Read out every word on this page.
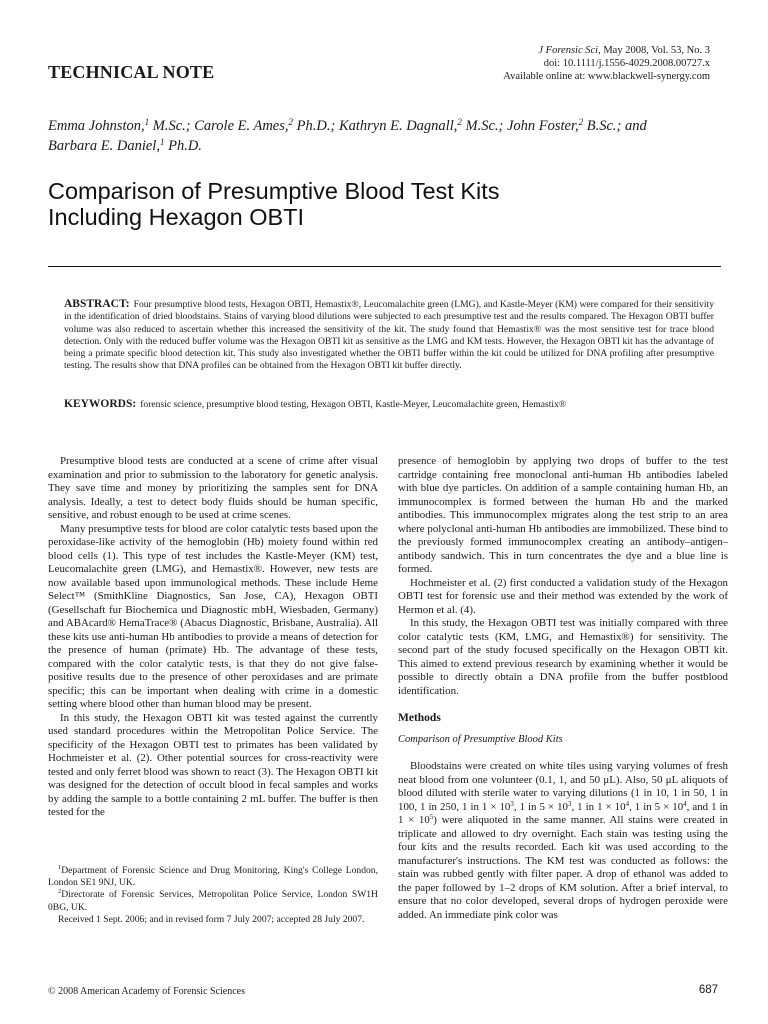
J Forensic Sci, May 2008, Vol. 53, No. 3
doi: 10.1111/j.1556-4029.2008.00727.x
Available online at: www.blackwell-synergy.com
TECHNICAL NOTE
Emma Johnston,$^1$ M.Sc.; Carole E. Ames,$^2$ Ph.D.; Kathryn E. Dagnall,$^2$ M.Sc.; John Foster,$^2$ B.Sc.; and
Barbara E. Daniel,$^1$ Ph.D.
Comparison of Presumptive Blood Test Kits
Including Hexagon OBTI
ABSTRACT: Four presumptive blood tests, Hexagon OBTI, Hemastix®, Leucomalachite green (LMG), and Kastle-Meyer (KM) were compared for their sensitivity in the identification of dried bloodstains. Stains of varying blood dilutions were subjected to each presumptive test and the results compared. The Hexagon OBTI buffer volume was also reduced to ascertain whether this increased the sensitivity of the kit. The study found that Hemastix® was the most sensitive test for trace blood detection. Only with the reduced buffer volume was the Hexagon OBTI kit as sensitive as the LMG and KM tests. However, the Hexagon OBTI kit has the advantage of being a primate specific blood detection kit. This study also investigated whether the OBTI buffer within the kit could be utilized for DNA profiling after presumptive testing. The results show that DNA profiles can be obtained from the Hexagon OBTI kit buffer directly.
KEYWORDS: forensic science, presumptive blood testing, Hexagon OBTI, Kastle-Meyer, Leucomalachite green, Hemastix®

Presumptive blood tests are conducted at a scene of crime after visual examination and prior to submission to the laboratory for genetic analysis. They save time and money by prioritizing the samples sent for DNA analysis. Ideally, a test to detect body fluids should be human specific, sensitive, and robust enough to be used at crime scenes.

Many presumptive tests for blood are color catalytic tests based upon the peroxidase-like activity of the hemoglobin (Hb) moiety found within red blood cells (1). This type of test includes the Kastle-Meyer (KM) test, Leucomalachite green (LMG), and Hemastix®. However, new tests are now available based upon immunological methods. These include Heme Select™ (SmithKline Diagnostics, San Jose, CA), Hexagon OBTI (Gesellschaft fur Biochemica und Diagnostic mbH, Wiesbaden, Germany) and ABAcard® HemaTrace® (Abacus Diagnostic, Brisbane, Australia). All these kits use anti-human Hb antibodies to provide a means of detection for the presence of human (primate) Hb. The advantage of these tests, compared with the color catalytic tests, is that they do not give false-positive results due to the presence of other peroxidases and are primate specific; this can be important when dealing with crime in a domestic setting where blood other than human blood may be present.

In this study, the Hexagon OBTI kit was tested against the currently used standard procedures within the Metropolitan Police Service. The specificity of the Hexagon OBTI test to primates has been validated by Hochmeister et al. (2). Other potential sources for cross-reactivity were tested and only ferret blood was shown to react (3). The Hexagon OBTI kit was designed for the detection of occult blood in fecal samples and works by adding the sample to a bottle containing 2 mL buffer. The buffer is then tested for the

$^1$Department of Forensic Science and Drug Monitoring, King's College London, London SE1 9NJ, UK.

$^2$Directorate of Forensic Services, Metropolitan Police Service, London SW1H 0BG, UK.

Received 1 Sept. 2006; and in revised form 7 July 2007; accepted 28 July 2007.

presence of hemoglobin by applying two drops of buffer to the test cartridge containing free monoclonal anti-human Hb antibodies labeled with blue dye particles. On addition of a sample containing human Hb, an immunocomplex is formed between the human Hb and the marked antibodies. This immunocomplex migrates along the test strip to an area where polyclonal anti-human Hb antibodies are immobilized. These bind to the previously formed immunocomplex creating an antibody–antigen–antibody sandwich. This in turn concentrates the dye and a blue line is formed.

Hochmeister et al. (2) first conducted a validation study of the Hexagon OBTI test for forensic use and their method was extended by the work of Hermon et al. (4).

In this study, the Hexagon OBTI test was initially compared with three color catalytic tests (KM, LMG, and Hemastix®) for sensitivity. The second part of the study focused specifically on the Hexagon OBTI kit. This aimed to extend previous research by examining whether it would be possible to directly obtain a DNA profile from the buffer postblood identification.

Methods

Comparison of Presumptive Blood Kits

Bloodstains were created on white tiles using varying volumes of fresh neat blood from one volunteer (0.1, 1, and 50 μL). Also, 50 μL aliquots of blood diluted with sterile water to varying dilutions (1 in 10, 1 in 50, 1 in 100, 1 in 250, 1 in $1 \times 10^3$, 1 in $5 \times 10^3$, 1 in $1 \times 10^4$, 1 in $5 \times 10^4$, and 1 in $1 \times 10^5$) were aliquoted in the same manner. All stains were created in triplicate and allowed to dry overnight. Each stain was testing using the four kits and the results recorded. Each kit was used according to the manufacturer's instructions. The KM test was conducted as follows: the stain was rubbed gently with filter paper. A drop of ethanol was added to the paper followed by 1–2 drops of KM solution. After a brief interval, to ensure that no color developed, several drops of hydrogen peroxide were added. An immediate pink color was

© 2008 American Academy of Forensic Sciences	687
